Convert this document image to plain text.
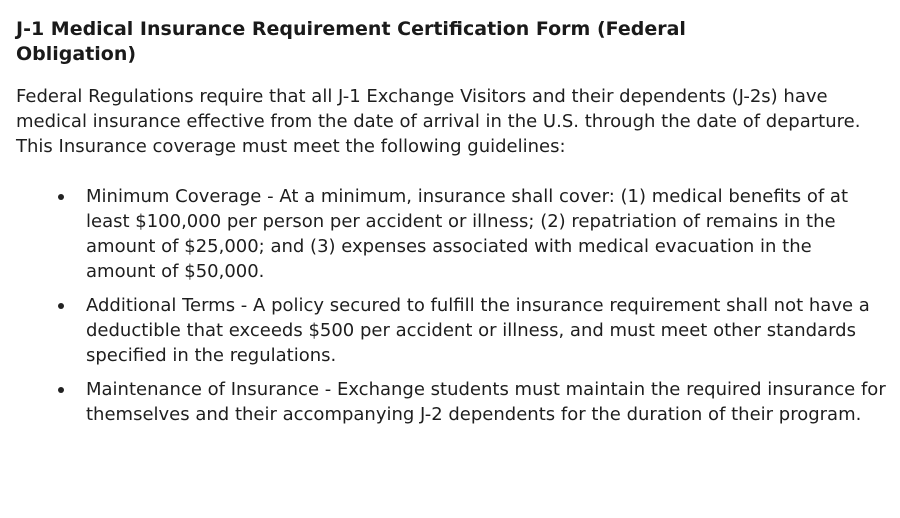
J-1 Medical Insurance Requirement Certification Form (Federal Obligation)

Federal Regulations require that all J-1 Exchange Visitors and their dependents (J-2s) have medical insurance effective from the date of arrival in the U.S. through the date of departure. This Insurance coverage must meet the following guidelines:

Minimum Coverage - At a minimum, insurance shall cover: (1) medical benefits of at least $100,000 per person per accident or illness; (2) repatriation of remains in the amount of $25,000; and (3) expenses associated with medical evacuation in the amount of $50,000.
Additional Terms - A policy secured to fulfill the insurance requirement shall not have a deductible that exceeds $500 per accident or illness, and must meet other standards specified in the regulations.
Maintenance of Insurance - Exchange students must maintain the required insurance for themselves and their accompanying J-2 dependents for the duration of their program.
